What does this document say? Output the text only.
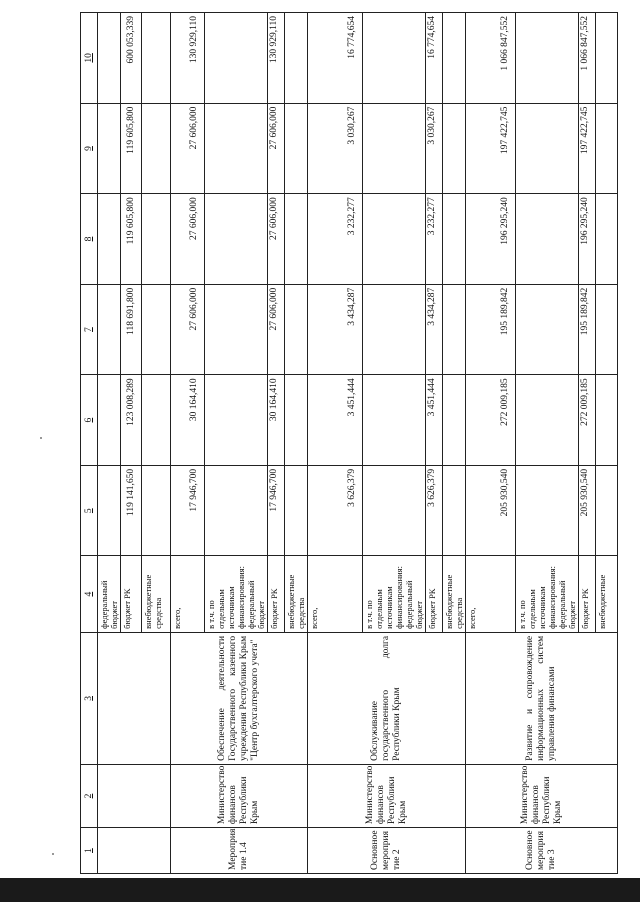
1	2	3	4	5	6	7	8	9	10
			федеральный бюджет						
			бюджет РК	119 141,650	123 008,289	118 691,800	119 605,800	119 605,800	600 053,339
			внебюджетные средства						
Мероприя тие 1.4	Министерство финансов Республики Крым	Обеспечение деятельности Государственного казенного учреждения Республики Крым "Центр бухгалтерского учета"	всего,	17 946,700	30 164,410	27 606,000	27 606,000	27 606,000	130 929,110
			в т.ч. по отдельным источникам финансирования: федеральный бюджет						
			бюджет РК	17 946,700	30 164,410	27 606,000	27 606,000	27 606,000	130 929,110
			внебюджетные средства						
Основное мероприя тие 2	Министерство финансов Республики Крым	Обслуживание государственного долга Республики Крым	всего,	3 626,379	3 451,444	3 434,287	3 232,277	3 030,267	16 774,654
			в т.ч. по отдельным источникам финансирования: федеральный бюджет						
			бюджет РК	3 626,379	3 451,444	3 434,287	3 232,277	3 030,267	16 774,654
			внебюджетные средства						
Основное мероприя тие 3	Министерство финансов Республики Крым	Развитие и сопровождение информационных систем управления финансами	всего,	205 930,540	272 009,185	195 189,842	196 295,240	197 422,745	1 066 847,552
			в т.ч. по отдельным источникам финансирования: федеральный бюджет						
			бюджет РК	205 930,540	272 009,185	195 189,842	196 295,240	197 422,745	1 066 847,552
			внебюджетные						
